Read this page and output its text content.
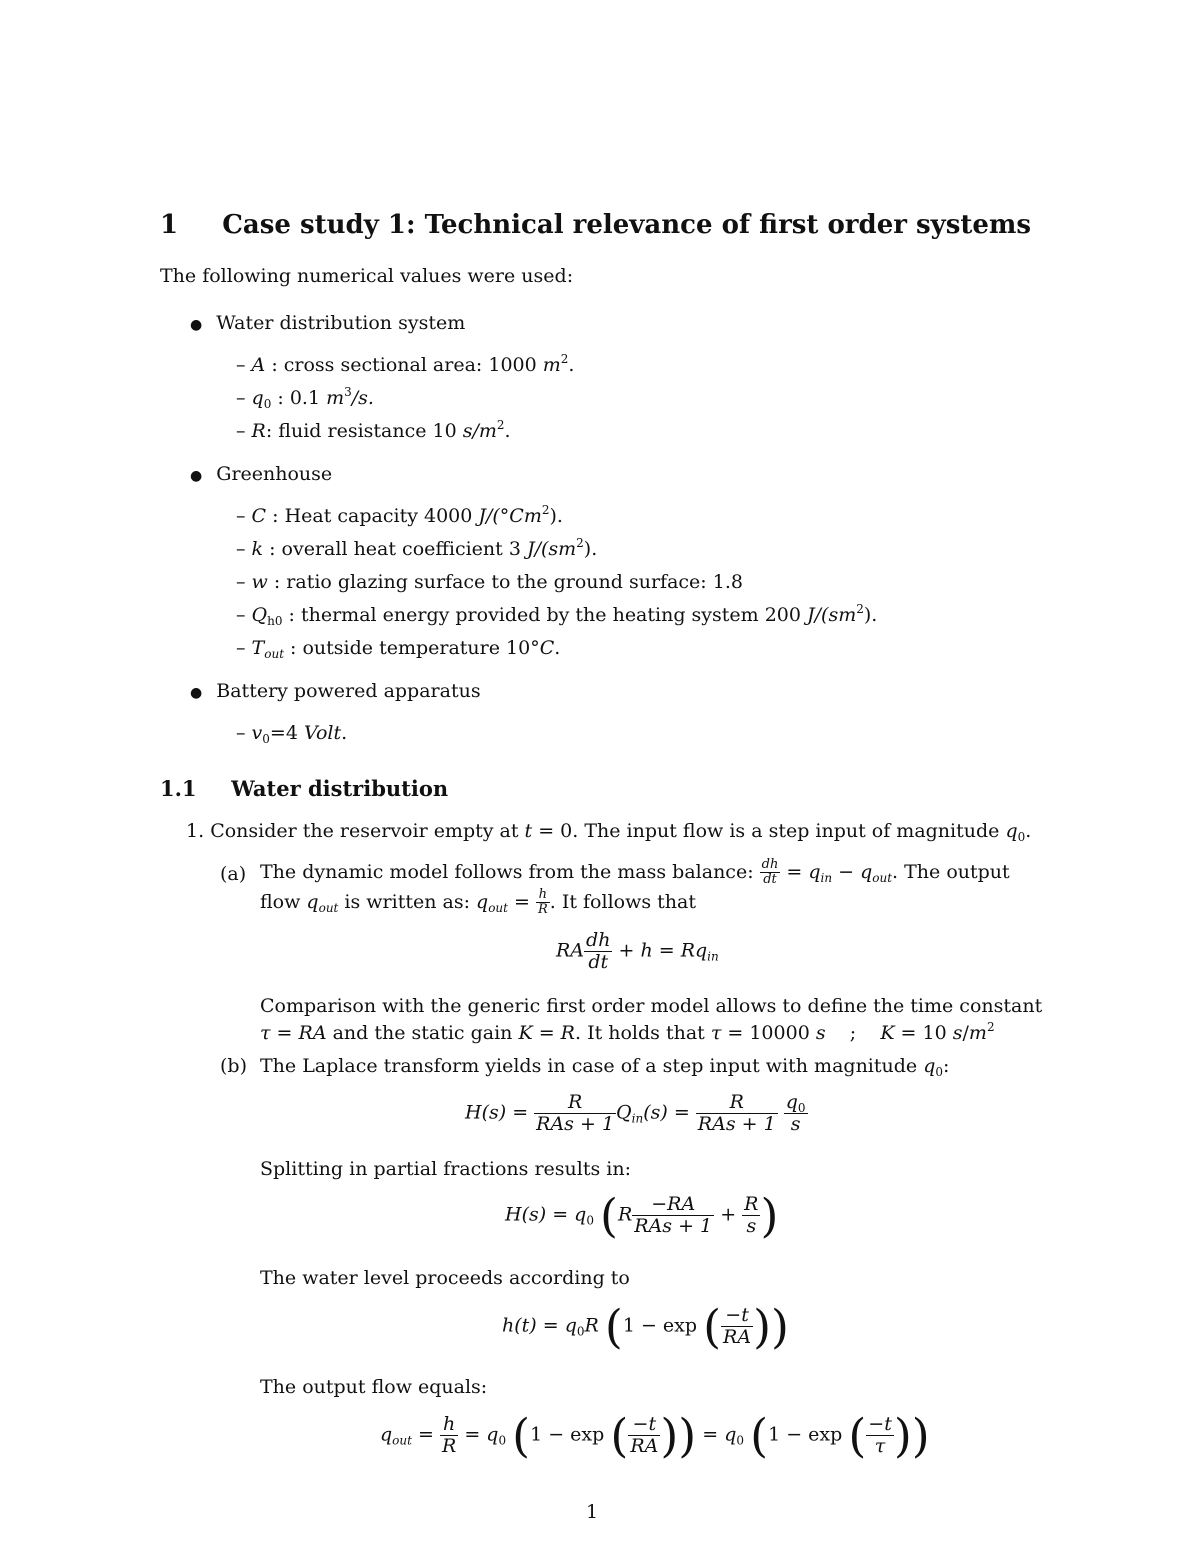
1 Case study 1: Technical relevance of first order systems
The following numerical values were used:
● Water distribution system
– A : cross sectional area: 1000 $m^2$.
– $q_0$ : 0.1 $m^3/s$.
– R: fluid resistance 10 $s/m^2$.
● Greenhouse
– C : Heat capacity 4000 J/(°Cm$^2$).
– k : overall heat coefficient 3 $J/(sm^2)$.
– w : ratio glazing surface to the ground surface: 1.8
– $Q_{h0}$ : thermal energy provided by the heating system 200 $J/(sm^2)$.
– $T_{out}$ : outside temperature 10°C.
● Battery powered apparatus
– $v_0=4$ Volt.
1.1 Water distribution
1. Consider the reservoir empty at t = 0. The input flow is a step input of magnitude $q_0$.
(a) The dynamic model follows from the mass balance: $\frac{dh}{dt} = q_{in} - q_{out}$. The output
flow $q_{out}$ is written as: $q_{out} = \frac{h}{R}$ . It follows that
RA $\frac{dh}{dt} + h = Rq_{in}$
Comparison with the generic first order model allows to define the time constant
τ = RA and the static gain K = R. It holds that τ = 10000 s    ;    K = 10 $s/m^2$
(b) The Laplace transform yields in case of a step input with magnitude $q_0$:
$H(s) = \frac{R}{\text{RAs + 1}} Q_{in}(s) = \frac{R}{\text{RAs + 1}}$
$\frac{q_0}{s}$
Splitting in partial fractions results in:
$H(s) = q_0$ ($R \frac{-RA}{\text{RAs + 1}} + \frac{R}{s}$ )
The water level proceeds according to
$h(t) = q_0R$ (1 − exp ( $\frac{-t}{RA}$ ))
The output flow equals:
$q_{out} = \frac{h}{R} = q_0$ (1 − exp ( $\frac{-t}{RA}$ )) = $q_0$ (1 − exp ( $\frac{-t}{\tau}$ ))
1
